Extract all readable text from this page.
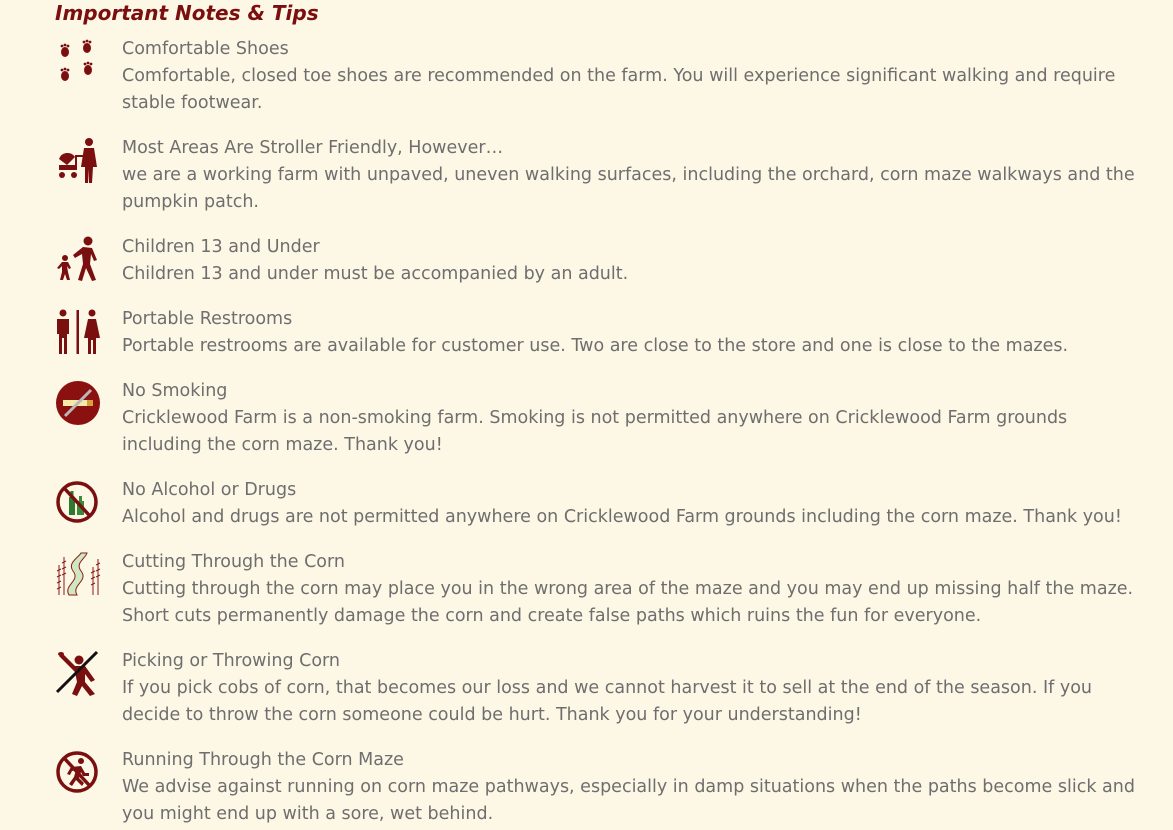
Important Notes & Tips
Comfortable Shoes
Comfortable, closed toe shoes are recommended on the farm. You will experience significant walking and require stable footwear.
Most Areas Are Stroller Friendly, However…
we are a working farm with unpaved, uneven walking surfaces, including the orchard, corn maze walkways and the pumpkin patch.
Children 13 and Under
Children 13 and under must be accompanied by an adult.
Portable Restrooms
Portable restrooms are available for customer use. Two are close to the store and one is close to the mazes.
No Smoking
Cricklewood Farm is a non-smoking farm. Smoking is not permitted anywhere on Cricklewood Farm grounds including the corn maze. Thank you!
No Alcohol or Drugs
Alcohol and drugs are not permitted anywhere on Cricklewood Farm grounds including the corn maze. Thank you!
Cutting Through the Corn
Cutting through the corn may place you in the wrong area of the maze and you may end up missing half the maze. Short cuts permanently damage the corn and create false paths which ruins the fun for everyone.
Picking or Throwing Corn
If you pick cobs of corn, that becomes our loss and we cannot harvest it to sell at the end of the season. If you decide to throw the corn someone could be hurt. Thank you for your understanding!
Running Through the Corn Maze
We advise against running on corn maze pathways, especially in damp situations when the paths become slick and you might end up with a sore, wet behind.
